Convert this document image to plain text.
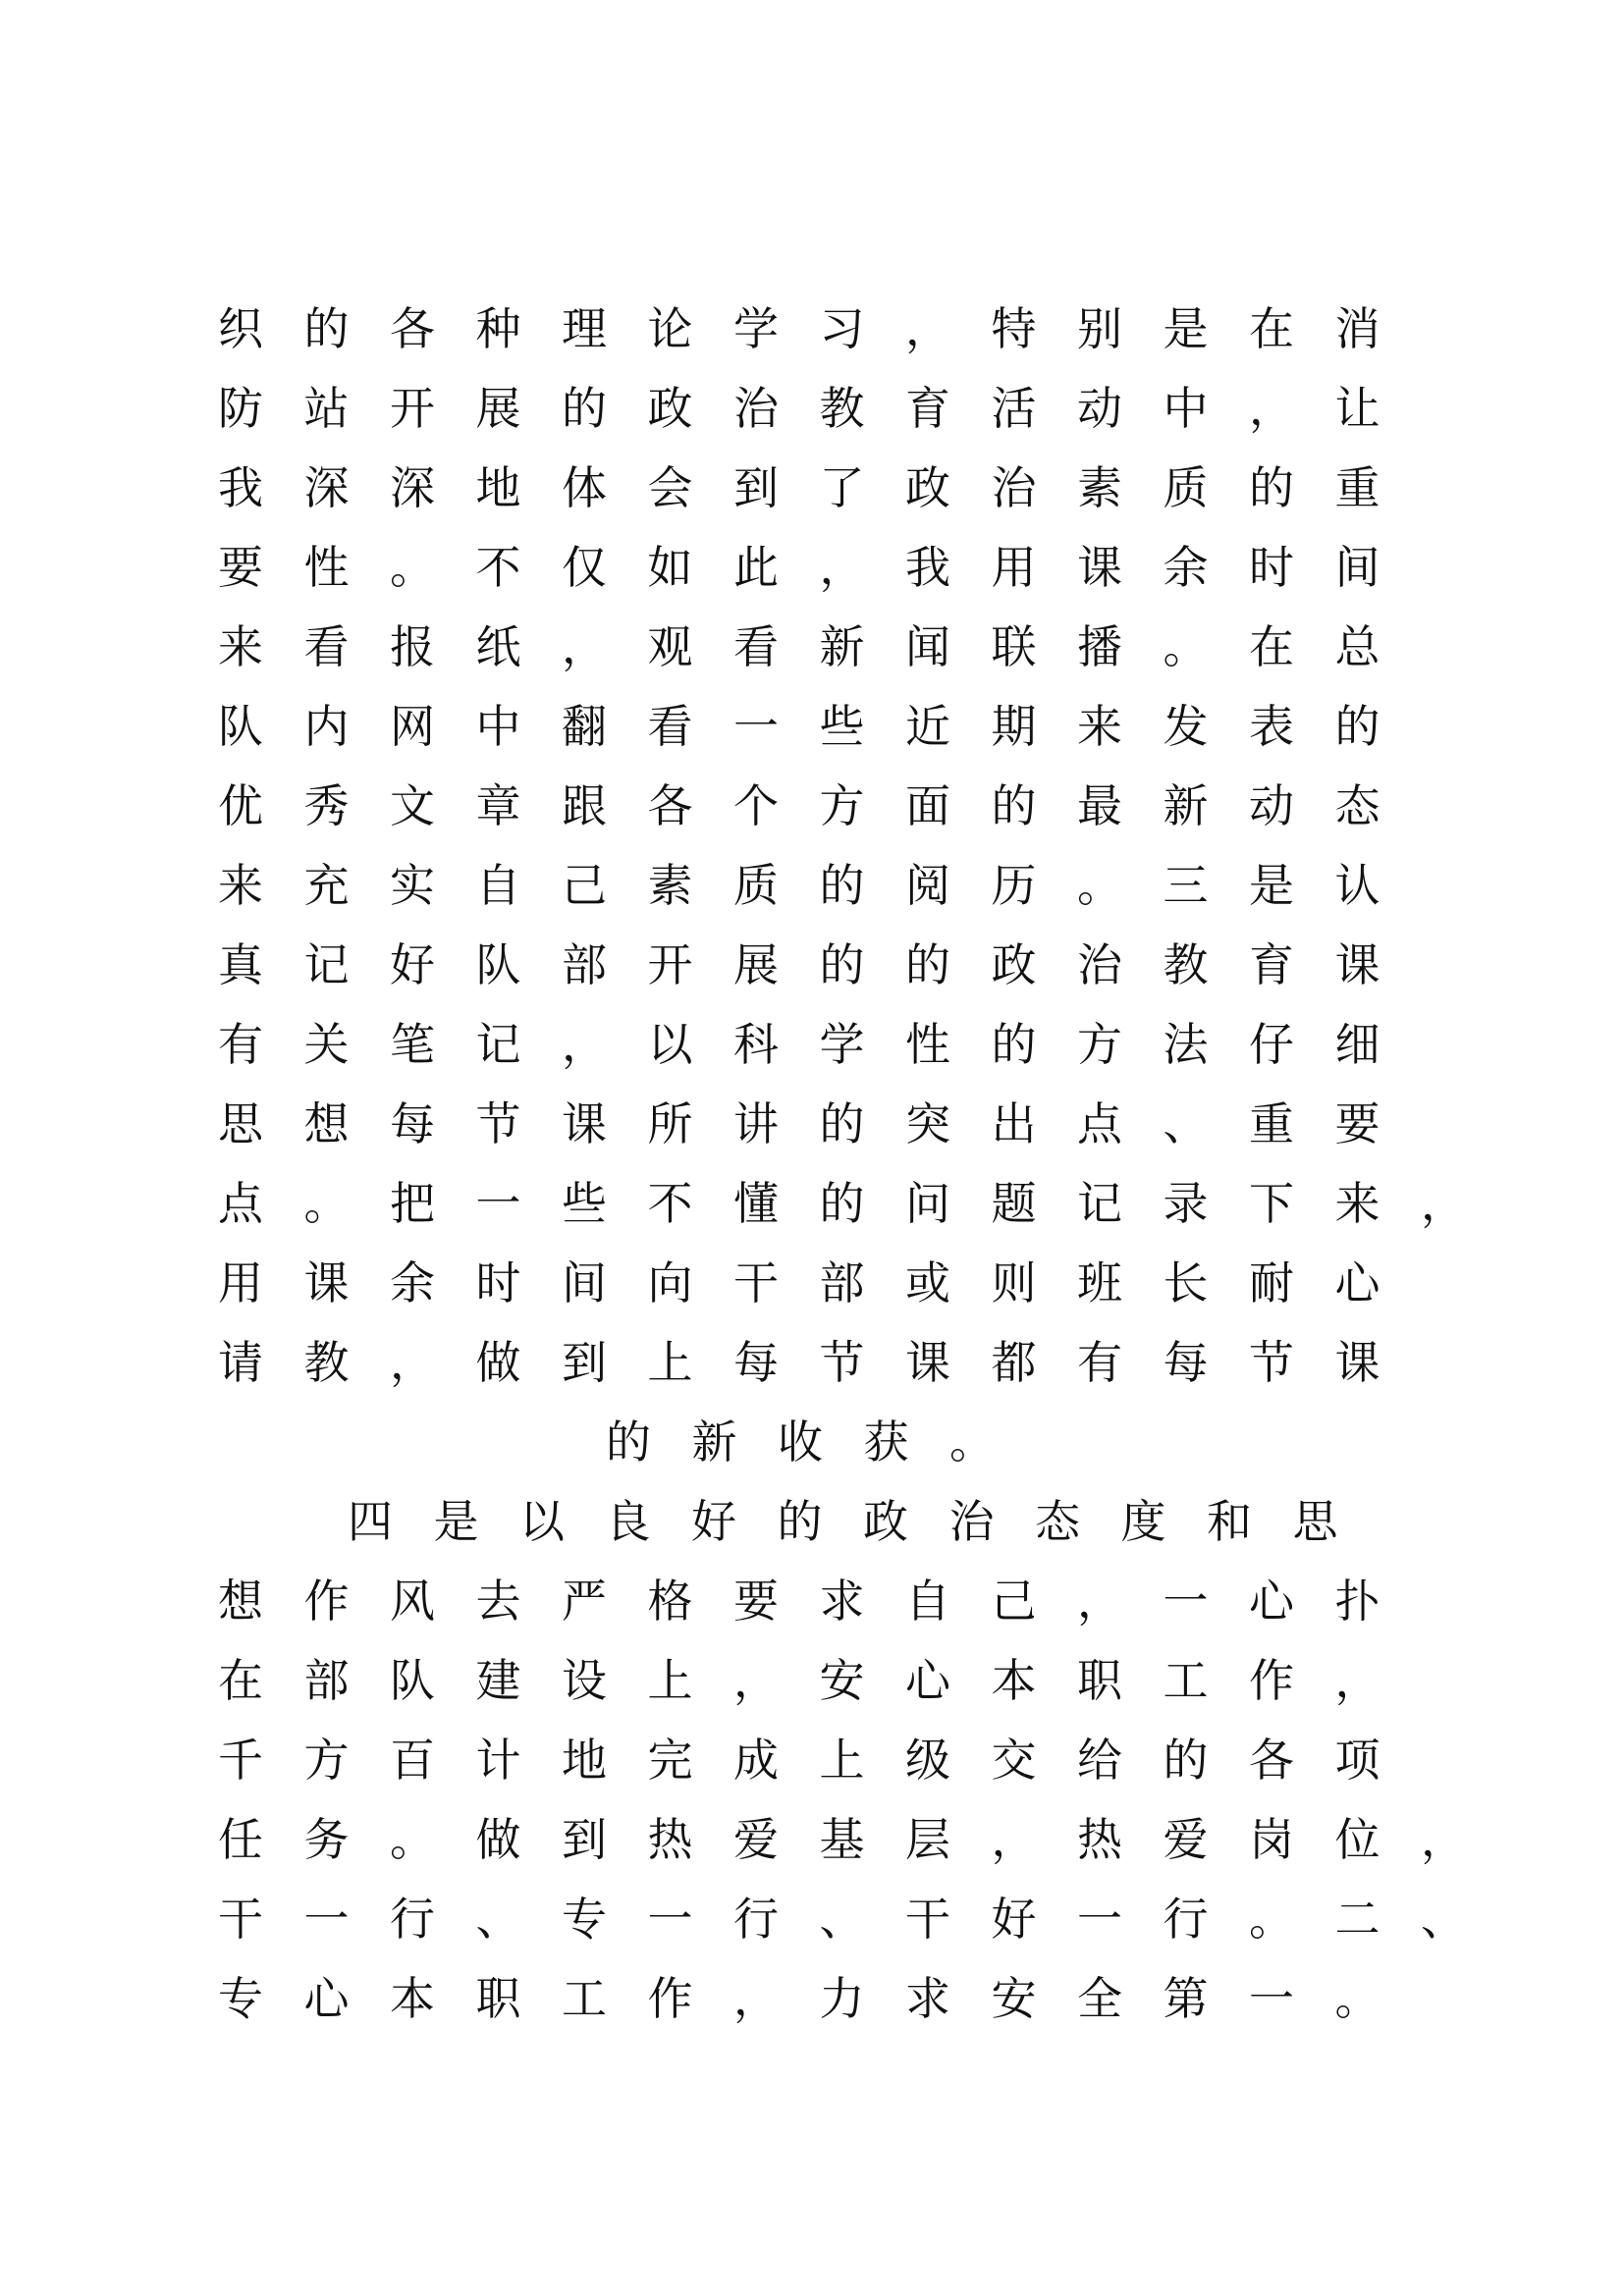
织的各种理论学习，特别是在消
防站开展的政治教育活动中，让
我深深地体会到了政治素质的重
要性。不仅如此，我用课余时间
来看报纸，观看新闻联播。在总
队内网中翻看一些近期来发表的
优秀文章跟各个方面的最新动态
来充实自己素质的阅历。三是认
真记好队部开展的的政治教育课
有关笔记，以科学性的方法仔细
思想每节课所讲的突出点、重要
点。把一些不懂的问题记录下来，
用课余时间向干部或则班长耐心
请教，做到上每节课都有每节课
的新收获。
四是以良好的政治态度和思
想作风去严格要求自己，一心扑
在部队建设上，安心本职工作，
千方百计地完成上级交给的各项
任务。做到热爱基层，热爱岗位，
干一行、专一行、干好一行。二、
专心本职工作，力求安全第一。
